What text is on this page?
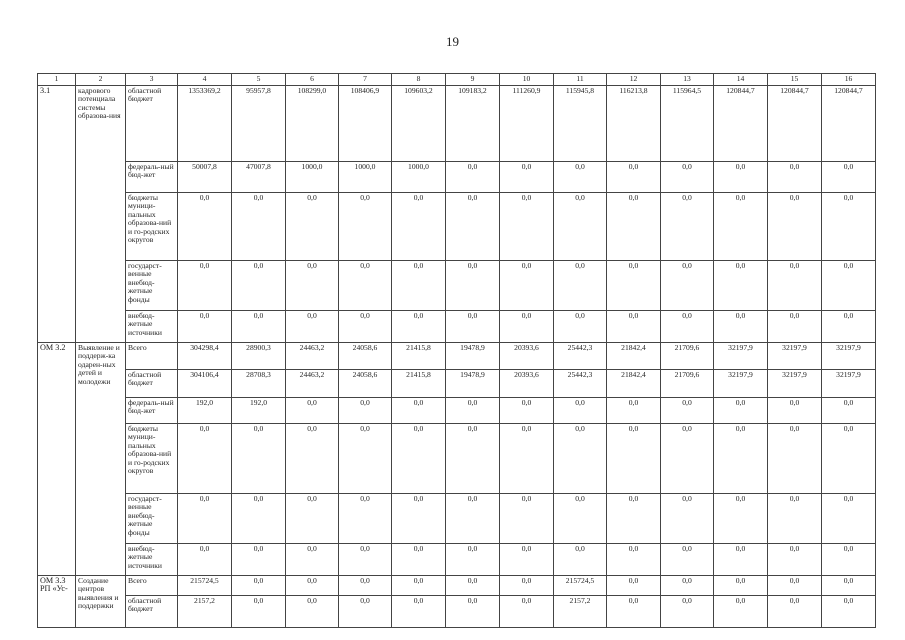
19
1	2	3	4	5	6	7	8	9	10	11	12	13	14	15	16
3.1	кадрового потенциала системы образова-ния	областной бюджет	1353369,2	95957,8	108299,0	108406,9	109603,2	109183,2	111260,9	115945,8	116213,8	115964,5	120844,7	120844,7	120844,7
		федераль-ный бюд-жет	50007,8	47007,8	1000,0	1000,0	1000,0	0,0	0,0	0,0	0,0	0,0	0,0	0,0	0,0
		бюджеты муници-пальных образова-ний и го-родских округов	0,0	0,0	0,0	0,0	0,0	0,0	0,0	0,0	0,0	0,0	0,0	0,0	0,0
		государст-венные внебюд-жетные фонды	0,0	0,0	0,0	0,0	0,0	0,0	0,0	0,0	0,0	0,0	0,0	0,0	0,0
		внебюд-жетные источники	0,0	0,0	0,0	0,0	0,0	0,0	0,0	0,0	0,0	0,0	0,0	0,0	0,0
ОМ 3.2	Выявление и поддерж-ка одарен-ных детей и молодежи	Всего	304298,4	28900,3	24463,2	24058,6	21415,8	19478,9	20393,6	25442,3	21842,4	21709,6	32197,9	32197,9	32197,9
		областной бюджет	304106,4	28708,3	24463,2	24058,6	21415,8	19478,9	20393,6	25442,3	21842,4	21709,6	32197,9	32197,9	32197,9
		федераль-ный бюд-жет	192,0	192,0	0,0	0,0	0,0	0,0	0,0	0,0	0,0	0,0	0,0	0,0	0,0
		бюджеты муници-пальных образова-ний и го-родских округов	0,0	0,0	0,0	0,0	0,0	0,0	0,0	0,0	0,0	0,0	0,0	0,0	0,0
		государст-венные внебюд-жетные фонды	0,0	0,0	0,0	0,0	0,0	0,0	0,0	0,0	0,0	0,0	0,0	0,0	0,0
		внебюд-жетные источники	0,0	0,0	0,0	0,0	0,0	0,0	0,0	0,0	0,0	0,0	0,0	0,0	0,0
ОМ 3.3 РП «Ус-	Создание центров выявления и поддержки	Всего	215724,5	0,0	0,0	0,0	0,0	0,0	0,0	215724,5	0,0	0,0	0,0	0,0	0,0
		областной бюджет	2157,2	0,0	0,0	0,0	0,0	0,0	0,0	2157,2	0,0	0,0	0,0	0,0	0,0
